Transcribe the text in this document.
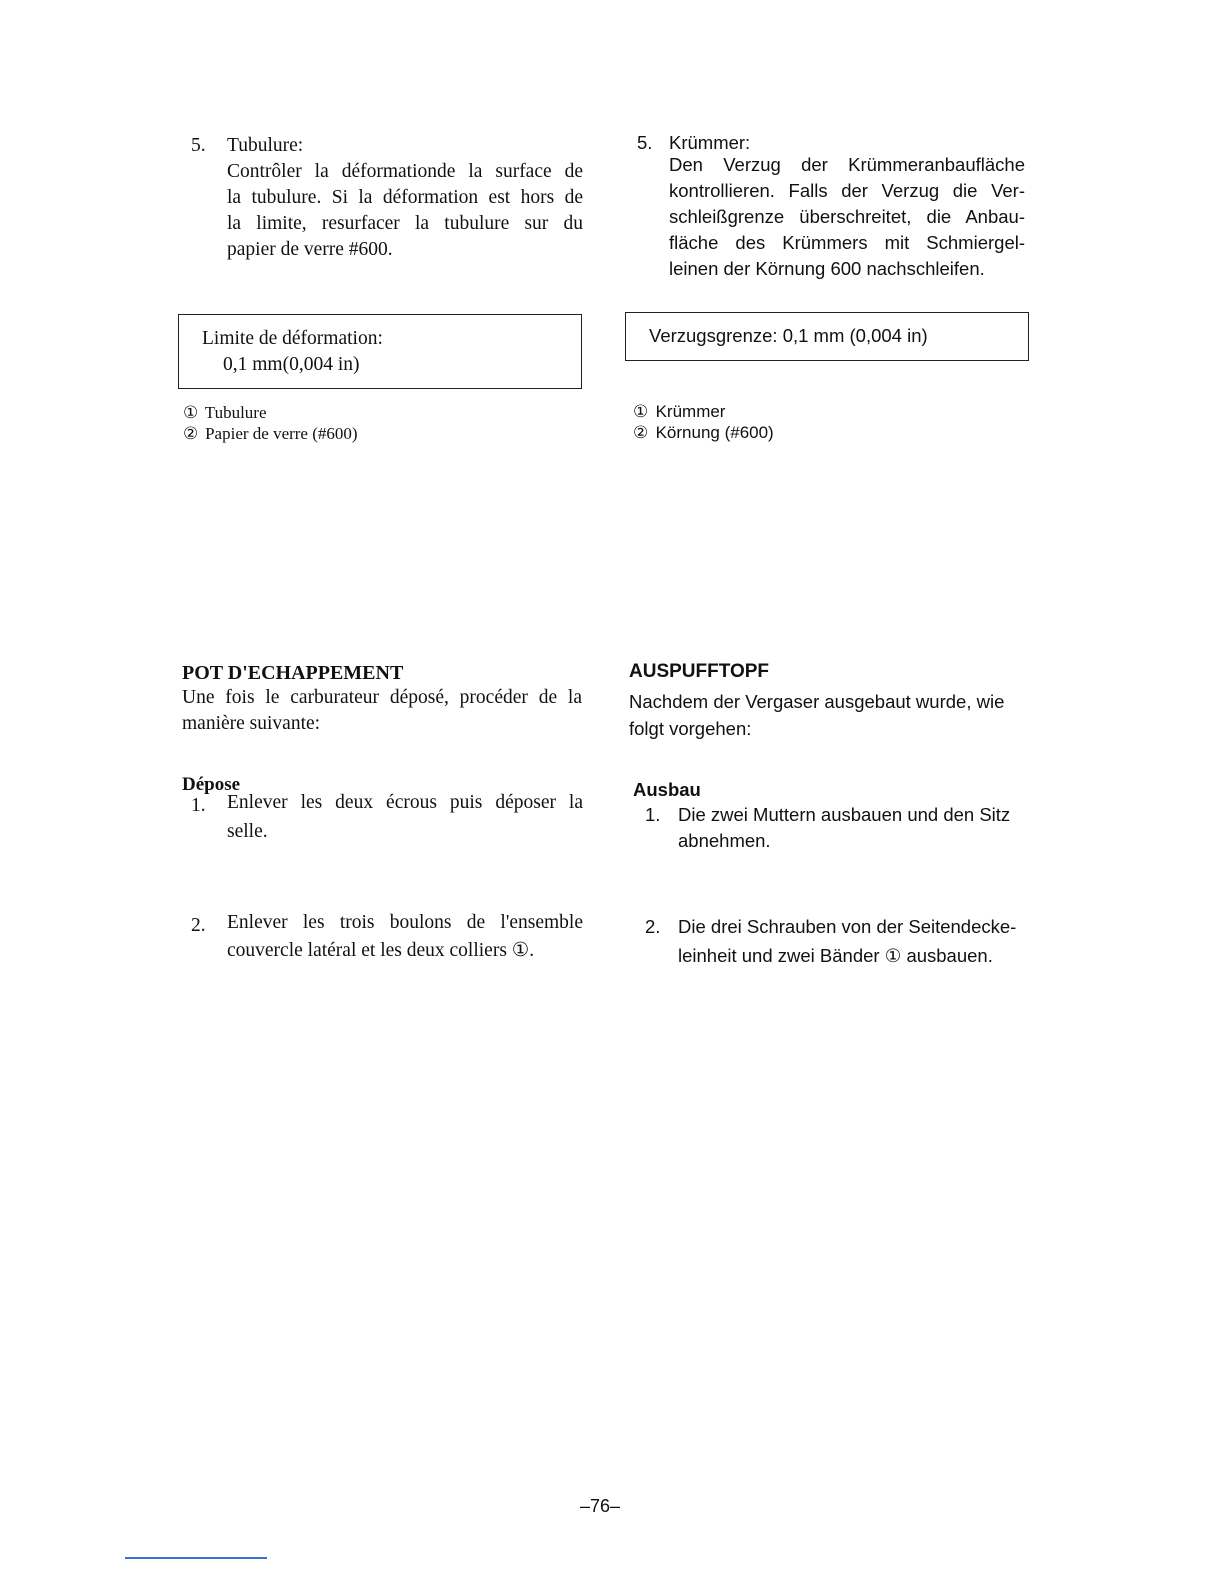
5. Tubulure:
Contrôler la déformationde la surface de
la tubulure. Si la déformation est hors de
la limite, resurfacer la tubulure sur du
papier de verre #600.
Limite de déformation:
0,1 mm(0,004 in)
① Tubulure
② Papier de verre (#600)
POT D'ECHAPPEMENT
Une fois le carburateur déposé, procéder de la
manière suivante:
Dépose
1. Enlever les deux écrous puis déposer la
selle.
2. Enlever les trois boulons de l'ensemble
couvercle latéral et les deux colliers ①.
5. Krümmer:
Den Verzug der Krümmeranbaufläche
kontrollieren. Falls der Verzug die Ver-
schleißgrenze überschreitet, die Anbau-
fläche des Krümmers mit Schmiergel-
leinen der Körnung 600 nachschleifen.
Verzugsgrenze: 0,1 mm (0,004 in)
① Krümmer
② Körnung (#600)
AUSPUFFTOPF
Nachdem der Vergaser ausgebaut wurde, wie
folgt vorgehen:
Ausbau
1. Die zwei Muttern ausbauen und den Sitz
abnehmen.
2. Die drei Schrauben von der Seitendecke-
leinheit und zwei Bänder ① ausbauen.
–76–
